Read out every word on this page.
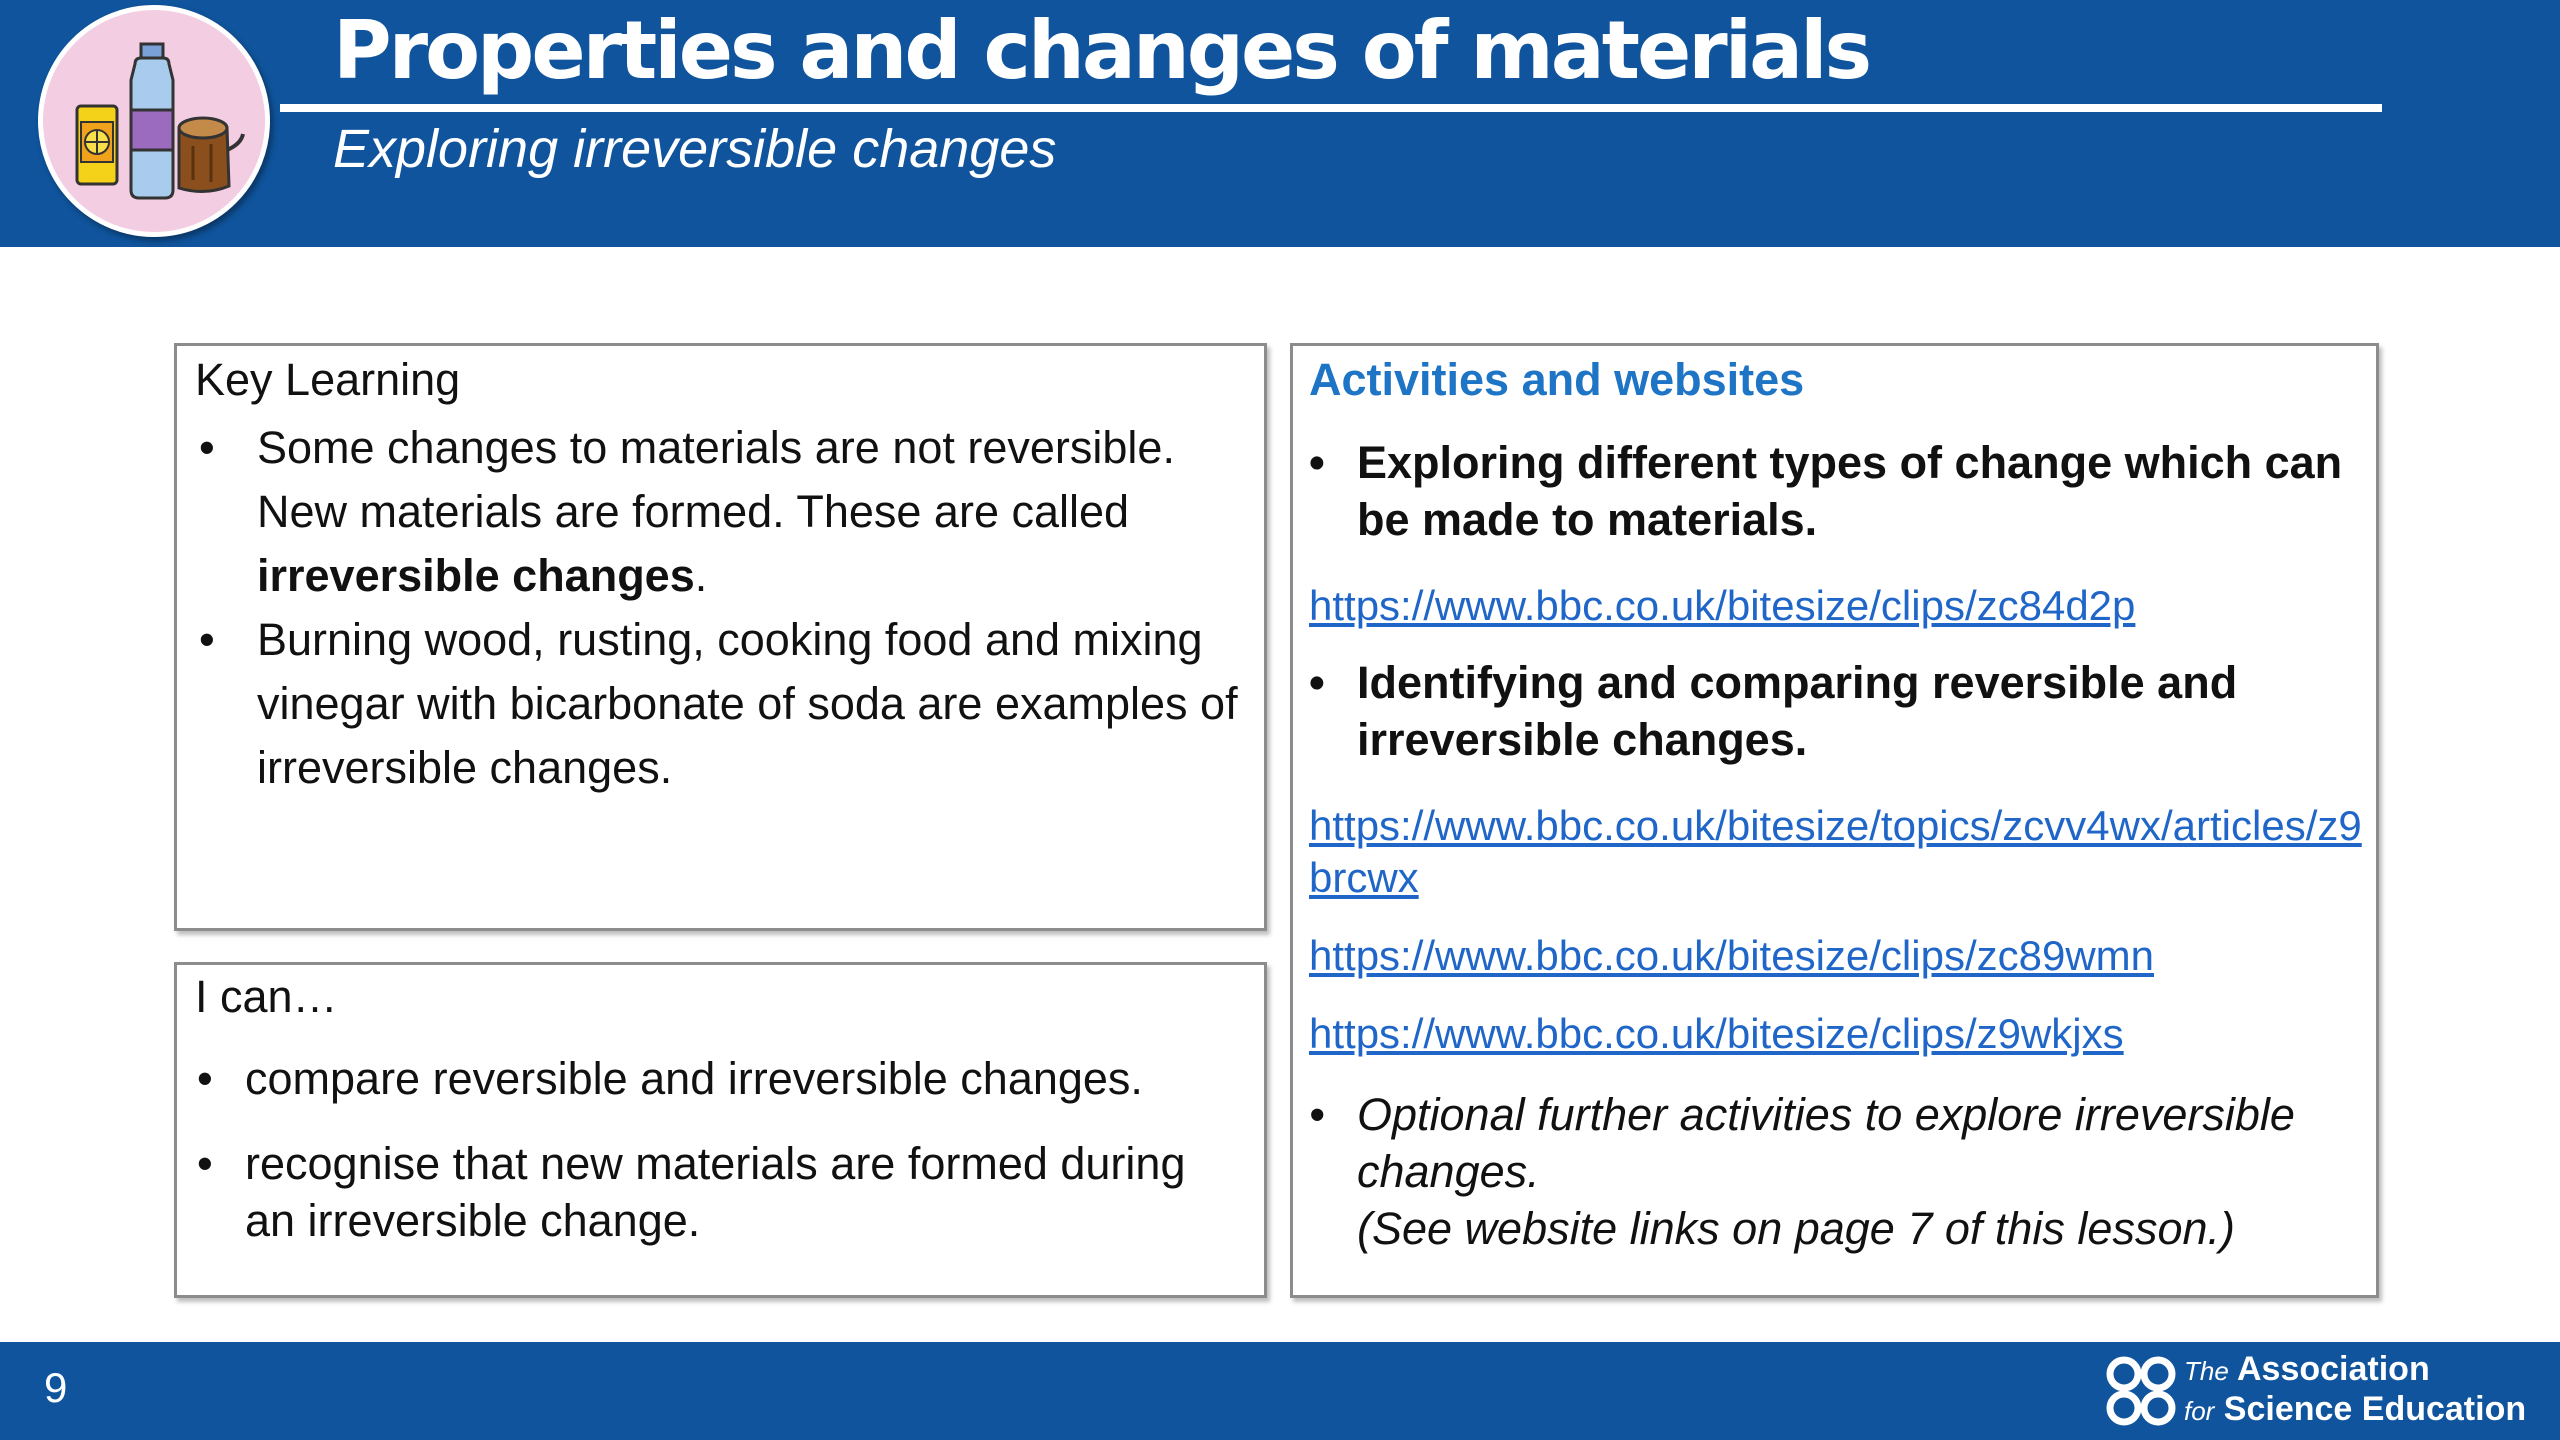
Properties and changes of materials
Exploring irreversible changes
Key Learning
• Some changes to materials are not reversible. New materials are formed. These are called irreversible changes.
• Burning wood, rusting, cooking food and mixing vinegar with bicarbonate of soda are examples of irreversible changes.
I can…
• compare reversible and irreversible changes.
• recognise that new materials are formed during an irreversible change.
Activities and websites
• Exploring different types of change which can be made to materials.
https://www.bbc.co.uk/bitesize/clips/zc84d2p
• Identifying and comparing reversible and irreversible changes.
https://www.bbc.co.uk/bitesize/topics/zcvv4wx/articles/z9brcwx
https://www.bbc.co.uk/bitesize/clips/zc89wmn
https://www.bbc.co.uk/bitesize/clips/z9wkjxs
• Optional further activities to explore irreversible changes.
(See website links on page 7 of this lesson.)
9	The Association
for Science Education
